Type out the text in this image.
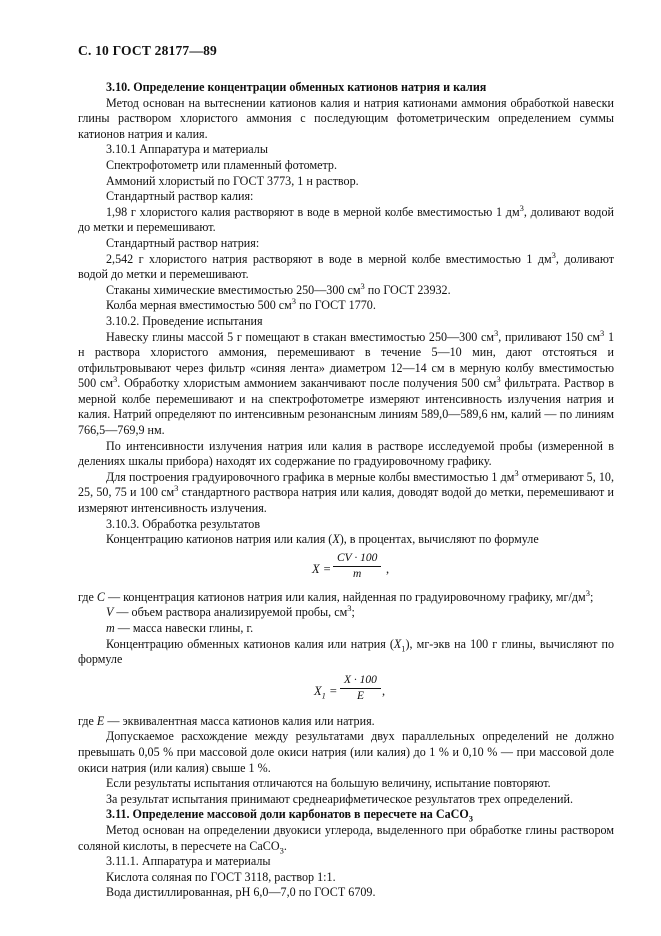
С. 10 ГОСТ 28177—89

3.10. Определение концентрации обменных катионов натрия и калия

Метод основан на вытеснении катионов калия и натрия катионами аммония обработкой навески глины раствором хлористого аммония с последующим фотометрическим определением суммы катионов натрия и калия.

3.10.1 Аппаратура и материалы

Спектрофотометр или пламенный фотометр.

Аммоний хлористый по ГОСТ 3773, 1 н раствор.

Стандартный раствор калия:

1,98 г хлористого калия растворяют в воде в мерной колбе вместимостью 1 $дм^3$, доливают водой до метки и перемешивают.

Стандартный раствор натрия:

2,542 г хлористого натрия растворяют в воде в мерной колбе вместимостью 1 $дм^3$, доливают водой до метки и перемешивают.

Стаканы химические вместимостью 250—300 $см^3$ по ГОСТ 23932.

Колба мерная вместимостью 500 $см^3$ по ГОСТ 1770.

3.10.2. Проведение испытания

Навеску глины массой 5 г помещают в стакан вместимостью 250—300 $см^3$, приливают 150 $см^3$ 1 н раствора хлористого аммония, перемешивают в течение 5—10 мин, дают отстояться и отфильтровывают через фильтр «синяя лента» диаметром 12—14 см в мерную колбу вместимостью 500 $см^3$. Обработку хлористым аммонием заканчивают после получения 500 $см^3$ фильтрата. Раствор в мерной колбе перемешивают и на спектрофотометре измеряют интенсивность излучения натрия и калия. Натрий определяют по интенсивным резонансным линиям 589,0—589,6 нм, калий — по линиям 766,5—769,9 нм.

По интенсивности излучения натрия или калия в растворе исследуемой пробы (измеренной в делениях шкалы прибора) находят их содержание по градуировочному графику.

Для построения градуировочного графика в мерные колбы вместимостью 1 $дм^3$ отмеривают 5, 10, 25, 50, 75 и 100 $см^3$ стандартного раствора натрия или калия, доводят водой до метки, перемешивают и измеряют интенсивность излучения.

3.10.3. Обработка результатов

Концентрацию катионов натрия или калия (X), в процентах, вычисляют по формуле

$X = \frac{CV \cdot 100}{m}$ ,

где C — концентрация катионов натрия или калия, найденная по градуировочному графику, $мг/дм^3$;

V — объем раствора анализируемой пробы, $см^3$;

m — масса навески глины, г.

Концентрацию обменных катионов калия или натрия $(X_1)$, мг-экв на 100 г глины, вычисляют по формуле

$X_1 = \frac{X \cdot 100}{E}$ ,

где E — эквивалентная масса катионов калия или натрия.

Допускаемое расхождение между результатами двух параллельных определений не должно превышать 0,05 % при массовой доле окиси натрия (или калия) до 1 % и 0,10 % — при массовой доле окиси натрия (или калия) свыше 1 %.

Если результаты испытания отличаются на большую величину, испытание повторяют.

За результат испытания принимают среднеарифметическое результатов трех определений.

3.11. Определение массовой доли карбонатов в пересчете на CaCO$_3$

Метод основан на определении двуокиси углерода, выделенного при обработке глины раствором соляной кислоты, в пересчете на CaCO$_3$.

3.11.1. Аппаратура и материалы

Кислота соляная по ГОСТ 3118, раствор 1:1.

Вода дистиллированная, рН 6,0—7,0 по ГОСТ 6709.
